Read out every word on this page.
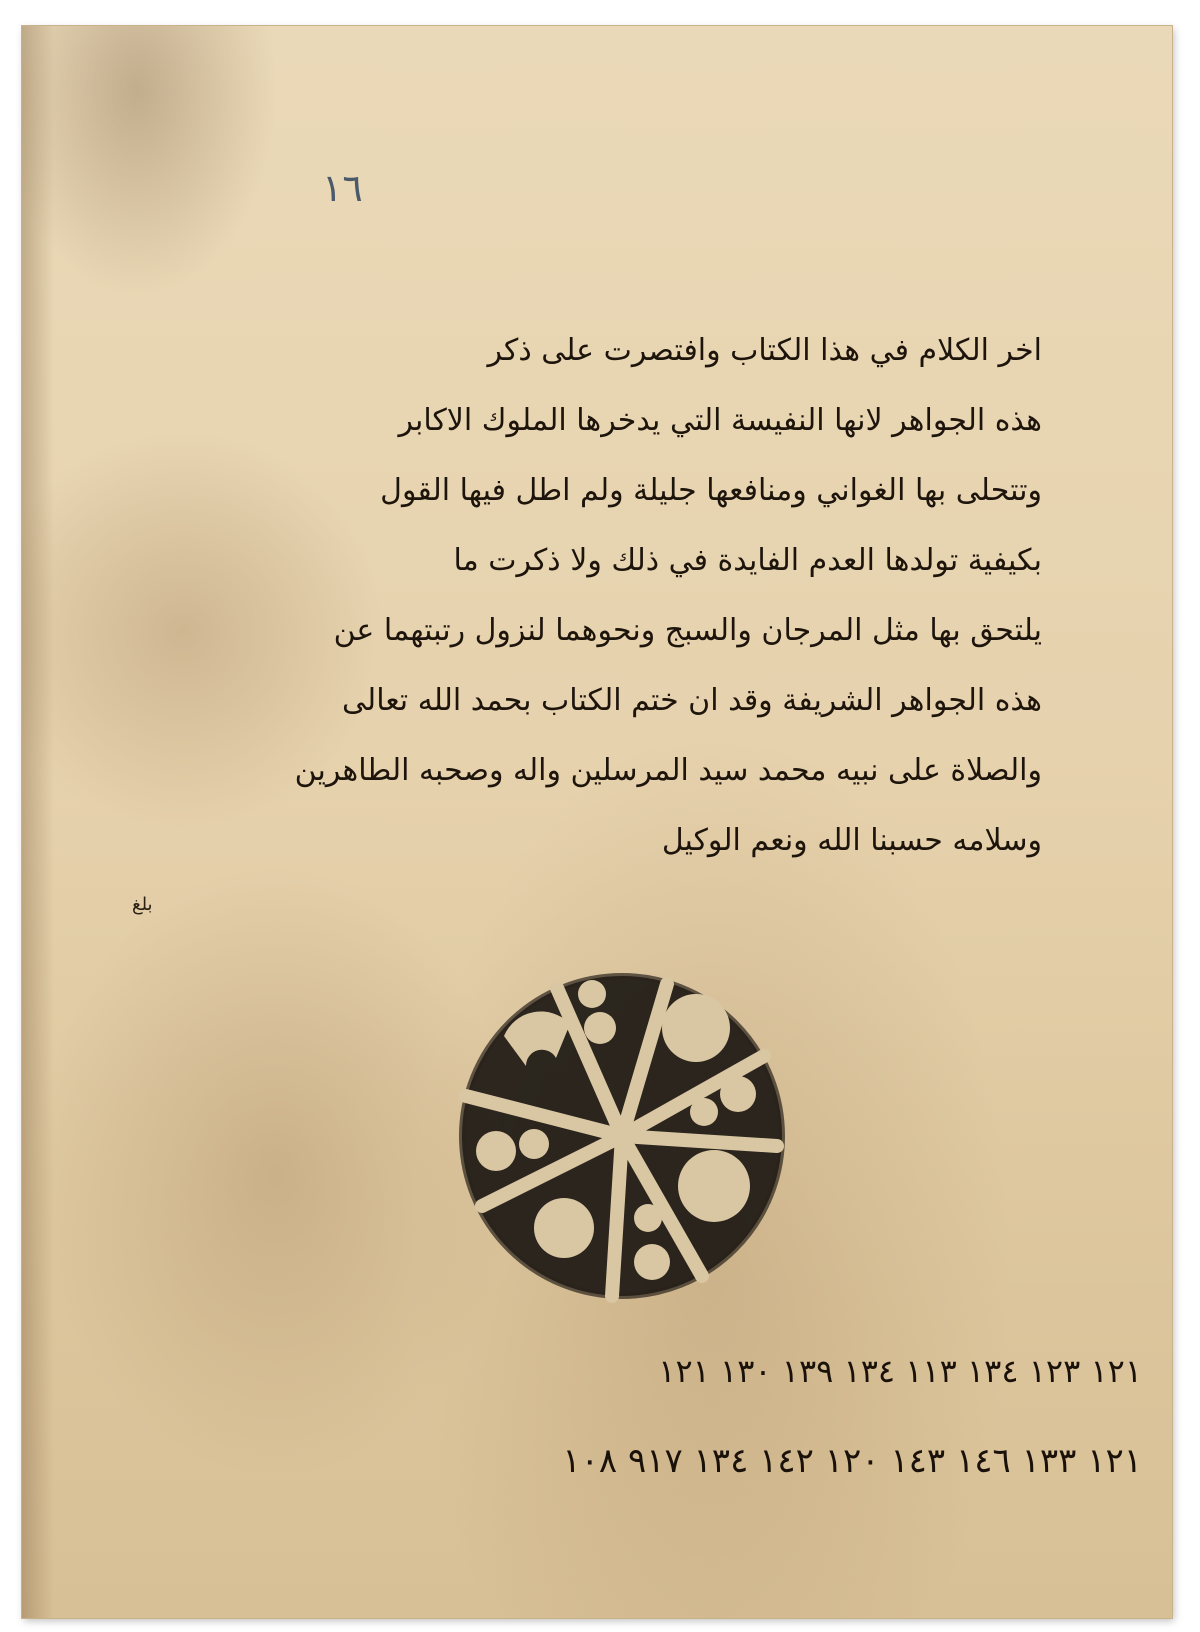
١٦
اخر الكلام في هذا الكتاب وافتصرت على ذكر
هذه الجواهر لانها النفيسة التي يدخرها الملوك الاكابر
وتتحلى بها الغواني ومنافعها جليلة ولم اطل فيها القول
بكيفية تولدها العدم الفايدة في ذلك ولا ذكرت ما
يلتحق بها مثل المرجان والسبج ونحوهما لنزول رتبتهما عن
هذه الجواهر الشريفة وقد ان ختم الكتاب بحمد الله تعالى
والصلاة على نبيه محمد سيد المرسلين واله وصحبه الطاهرين
وسلامه حسبنا الله ونعم الوكيل
بلغ
١٢١ ١٢٣ ١٣٤ ١١٣ ١٣٤ ١٣٩ ١٣٠ ١٢١
١٢١ ١٣٣ ١٤٦ ١٤٣ ١٢٠ ١٤٢ ١٣٤ ٩١٧ ١٠٨
